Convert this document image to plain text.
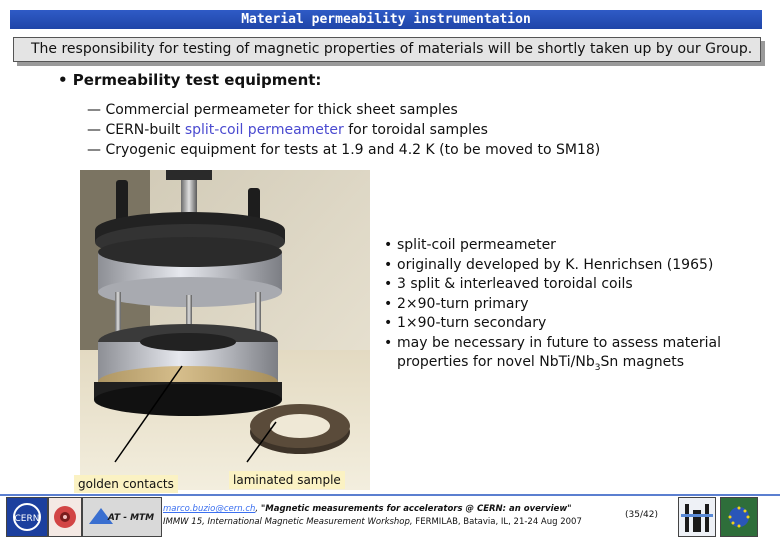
Material permeability instrumentation
The responsibility for testing of magnetic properties of materials will be shortly taken up by our Group.
• Permeability test equipment:
— Commercial permeameter for thick sheet samples
— CERN-built split-coil permeameter for toroidal samples
— Cryogenic equipment for tests at 1.9 and 4.2 K (to be moved to SM18)
• split-coil permeameter
• originally developed by K. Henrichsen (1965)
• 3 split & interleaved toroidal coils
• 2×90-turn primary
• 1×90-turn secondary
• may be necessary in future to assess material
properties for novel NbTi/$Nb_3Sn$ magnets
golden contacts	laminated sample
CERN	AT - MTM
marco.buzio@cern.ch, "Magnetic measurements for accelerators @ CERN: an overview"
IMMW 15, International Magnetic Measurement Workshop, FERMILAB, Batavia, IL, 21-24 Aug 2007
(35/42)
